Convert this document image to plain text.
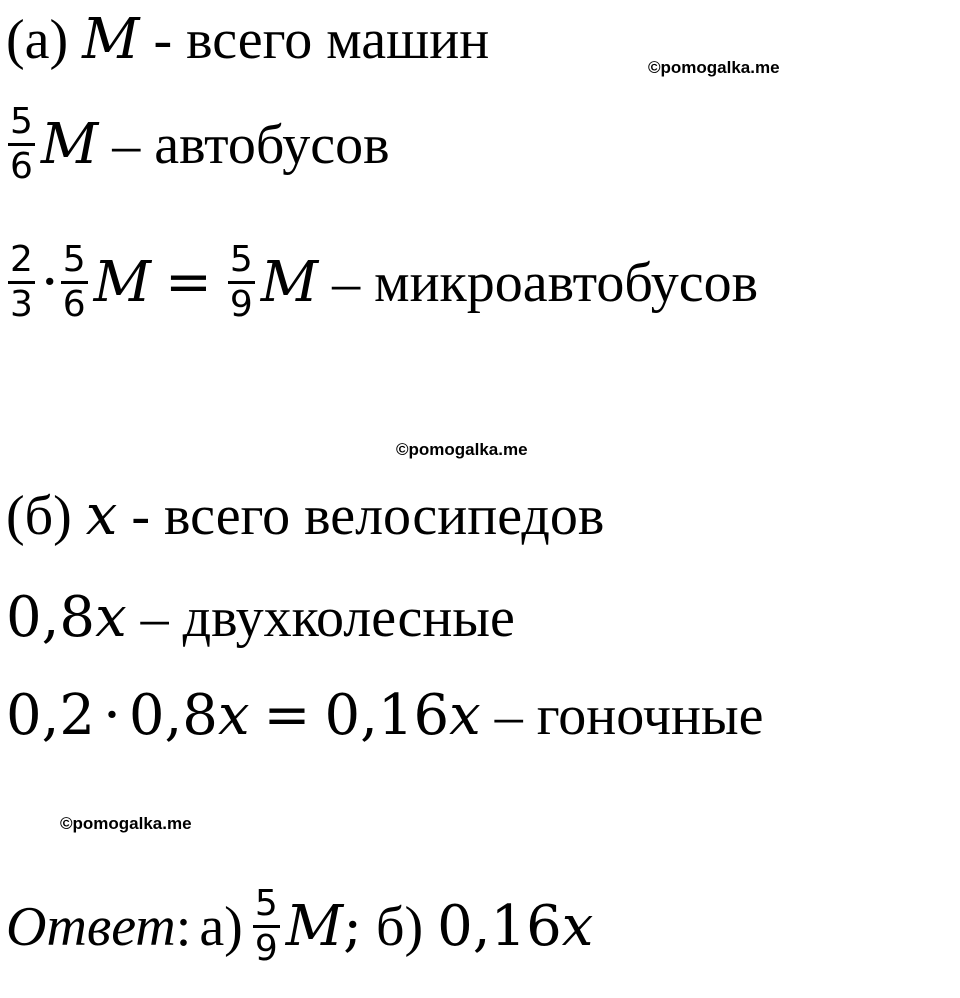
(а) M - всего машин	©pomogalka.me
$\frac{5}{6}$ M – автобусов
$\frac{2}{3} \cdot \frac{5}{6}$ $M = \frac{5}{9}$ M – микроавтобусов
©pomogalka.me
(б) x - всего велосипедов
0,8 x – двухколесные
0,2 · 0,8 x = 0,16 x – гоночные
©pomogalka.me
Ответ : $а) \frac{5}{9}$ M ; б) 0,16 x
